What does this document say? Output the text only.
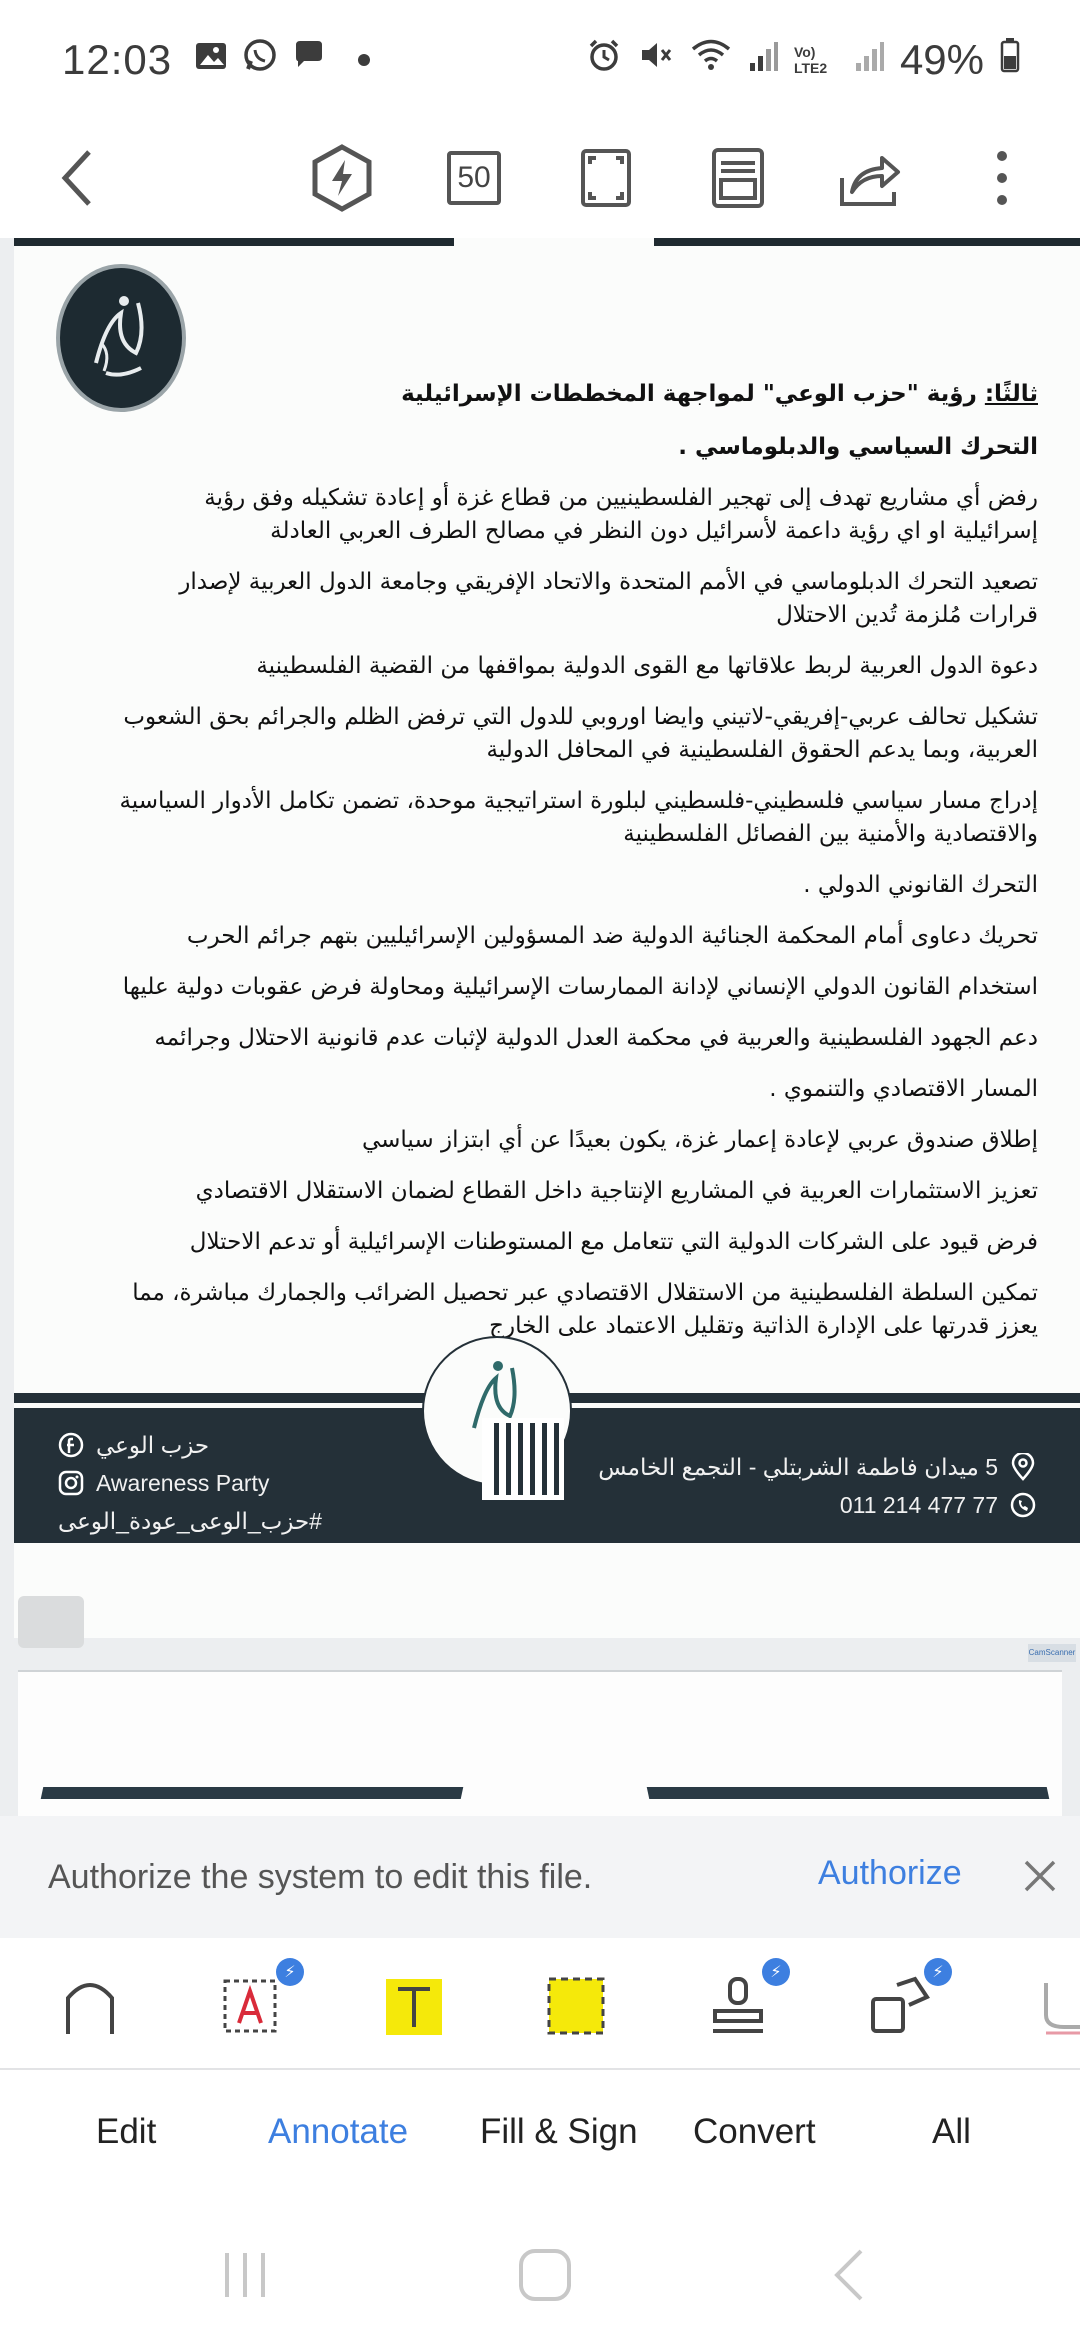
12:03	Vo) LTE2 49%
50

ثالثًا: رؤية "حزب الوعي" لمواجهة المخططات الإسرائيلية

التحرك السياسي والدبلوماسي .

رفض أي مشاريع تهدف إلى تهجير الفلسطينيين من قطاع غزة أو إعادة تشكيله وفق رؤية إسرائيلية او اي رؤية داعمة لأسرائيل دون النظر في مصالح الطرف العربي العادلة

تصعيد التحرك الدبلوماسي في الأمم المتحدة والاتحاد الإفريقي وجامعة الدول العربية لإصدار قرارات مُلزمة تُدين الاحتلال

دعوة الدول العربية لربط علاقاتها مع القوى الدولية بمواقفها من القضية الفلسطينية

تشكيل تحالف عربي-إفريقي-لاتيني وايضا اوروبي للدول التي ترفض الظلم والجرائم بحق الشعوب العربية، وبما يدعم الحقوق الفلسطينية في المحافل الدولية

إدراج مسار سياسي فلسطيني-فلسطيني لبلورة استراتيجية موحدة، تضمن تكامل الأدوار السياسية والاقتصادية والأمنية بين الفصائل الفلسطينية

التحرك القانوني الدولي .

تحريك دعاوى أمام المحكمة الجنائية الدولية ضد المسؤولين الإسرائيليين بتهم جرائم الحرب

استخدام القانون الدولي الإنساني لإدانة الممارسات الإسرائيلية ومحاولة فرض عقوبات دولية عليها

دعم الجهود الفلسطينية والعربية في محكمة العدل الدولية لإثبات عدم قانونية الاحتلال وجرائمه

المسار الاقتصادي والتنموي .

إطلاق صندوق عربي لإعادة إعمار غزة، يكون بعيدًا عن أي ابتزاز سياسي

تعزيز الاستثمارات العربية في المشاريع الإنتاجية داخل القطاع لضمان الاستقلال الاقتصادي

فرض قيود على الشركات الدولية التي تتعامل مع المستوطنات الإسرائيلية أو تدعم الاحتلال

تمكين السلطة الفلسطينية من الاستقلال الاقتصادي عبر تحصيل الضرائب والجمارك مباشرة، مما يعزز قدرتها على الإدارة الذاتية وتقليل الاعتماد على الخارج

حزب الوعي
Awareness Party
#حزب_الوعى_عودة_الوعى
5 ميدان فاطمة الشربتلي - التجمع الخامس
011 214 477 77
CamScanner
Authorize the system to edit this file.	Authorize
⚡	⚡	⚡
Edit	Annotate Fill & Sign Convert	All
